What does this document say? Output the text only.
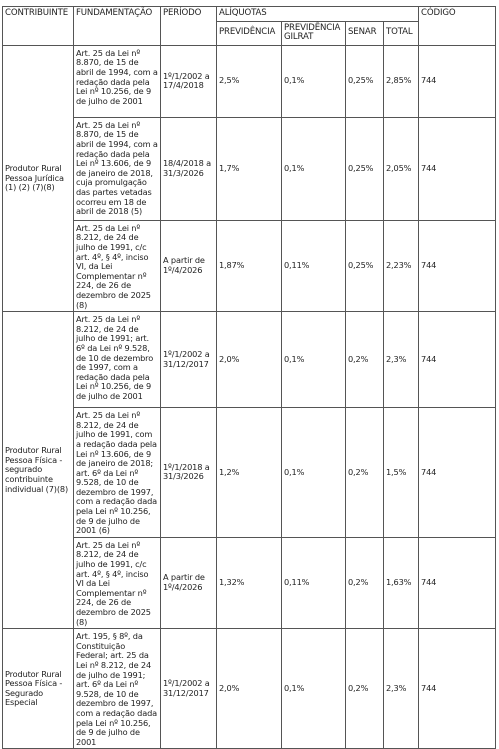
CONTRIBUINTE	FUNDAMENTAÇÃO	PERÍODO	ALÍQUOTAS				CÓDIGO
			PREVIDÊNCIA	PREVIDÊNCIA GILRAT	SENAR	TOTAL	
Produtor Rural Pessoa Jurídica (1) (2) (7)(8)	Art. 25 da Lei nº 8.870, de 15 de abril de 1994, com a redação dada pela Lei nº 10.256, de 9 de julho de 2001	1º/1/2002 a 17/4/2018	2,5%	0,1%	0,25%	2,85%	744
	Art. 25 da Lei nº 8.870, de 15 de abril de 1994, com a redação dada pela Lei nº 13.606, de 9 de janeiro de 2018, cuja promulgação das partes vetadas ocorreu em 18 de abril de 2018 (5)	18/4/2018 a 31/3/2026	1,7%	0,1%	0,25%	2,05%	744
	Art. 25 da Lei nº 8.212, de 24 de julho de 1991, c/c art. 4º, § 4º, inciso VI, da Lei Complementar nº 224, de 26 de dezembro de 2025 (8)	A partir de 1º/4/2026	1,87%	0,11%	0,25%	2,23%	744
Produtor Rural Pessoa Física - segurado contribuinte individual (7)(8)	Art. 25 da Lei nº 8.212, de 24 de julho de 1991; art. 6º da Lei nº 9.528, de 10 de dezembro de 1997, com a redação dada pela Lei nº 10.256, de 9 de julho de 2001	1º/1/2002 a 31/12/2017	2,0%	0,1%	0,2%	2,3%	744
	Art. 25 da Lei nº 8.212, de 24 de julho de 1991, com a redação dada pela Lei nº 13.606, de 9 de janeiro de 2018; art. 6º da Lei nº 9.528, de 10 de dezembro de 1997, com a redação dada pela Lei nº 10.256, de 9 de julho de 2001 (6)	1º/1/2018 a 31/3/2026	1,2%	0,1%	0,2%	1,5%	744
	Art. 25 da Lei nº 8.212, de 24 de julho de 1991, c/c art. 4º, § 4º, inciso VI da Lei Complementar nº 224, de 26 de dezembro de 2025 (8)	A partir de 1º/4/2026	1,32%	0,11%	0,2%	1,63%	744
Produtor Rural Pessoa Física - Segurado Especial	Art. 195, § 8º, da Constituição Federal; art. 25 da Lei nº 8.212, de 24 de julho de 1991; art. 6º da Lei nº 9.528, de 10 de dezembro de 1997, com a redação dada pela Lei nº 10.256, de 9 de julho de 2001	1º/1/2002 a 31/12/2017	2,0%	0,1%	0,2%	2,3%	744
